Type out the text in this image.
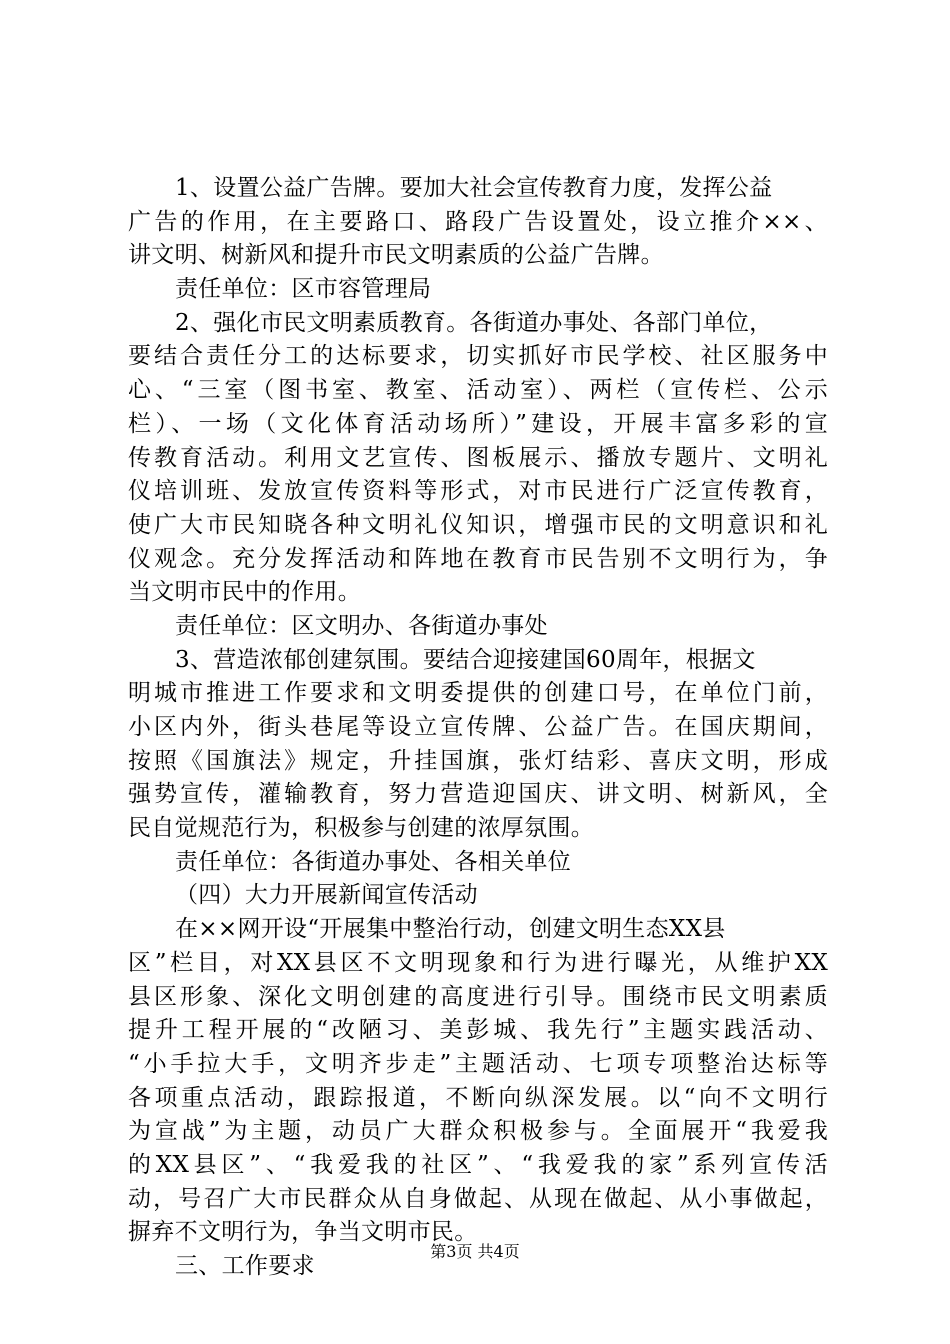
1、设置公益广告牌。要加大社会宣传教育力度，发挥公益
广告的作用，在主要路口、路段广告设置处，设立推介××、
讲文明、树新风和提升市民文明素质的公益广告牌。
责任单位：区市容管理局
2、强化市民文明素质教育。各街道办事处、各部门单位，
要结合责任分工的达标要求，切实抓好市民学校、社区服务中
心、“三室（图书室、教室、活动室）、两栏（宣传栏、公示
栏）、一场（文化体育活动场所）”建设，开展丰富多彩的宣
传教育活动。利用文艺宣传、图板展示、播放专题片、文明礼
仪培训班、发放宣传资料等形式，对市民进行广泛宣传教育，
使广大市民知晓各种文明礼仪知识，增强市民的文明意识和礼
仪观念。充分发挥活动和阵地在教育市民告别不文明行为，争
当文明市民中的作用。
责任单位：区文明办、各街道办事处
3、营造浓郁创建氛围。要结合迎接建国60周年，根据文
明城市推进工作要求和文明委提供的创建口号，在单位门前，
小区内外，街头巷尾等设立宣传牌、公益广告。在国庆期间，
按照《国旗法》规定，升挂国旗，张灯结彩、喜庆文明，形成
强势宣传，灌输教育，努力营造迎国庆、讲文明、树新风，全
民自觉规范行为，积极参与创建的浓厚氛围。
责任单位：各街道办事处、各相关单位
（四）大力开展新闻宣传活动
在××网开设“开展集中整治行动，创建文明生态XX县
区”栏目，对XX县区不文明现象和行为进行曝光，从维护XX
县区形象、深化文明创建的高度进行引导。围绕市民文明素质
提升工程开展的“改陋习、美彭城、我先行”主题实践活动、
“小手拉大手，文明齐步走”主题活动、七项专项整治达标等
各项重点活动，跟踪报道，不断向纵深发展。以“向不文明行
为宣战”为主题，动员广大群众积极参与。全面展开“我爱我
的XX县区”、“我爱我的社区”、“我爱我的家”系列宣传活
动，号召广大市民群众从自身做起、从现在做起、从小事做起，
摒弃不文明行为，争当文明市民。
三、工作要求
第3页 共4页
